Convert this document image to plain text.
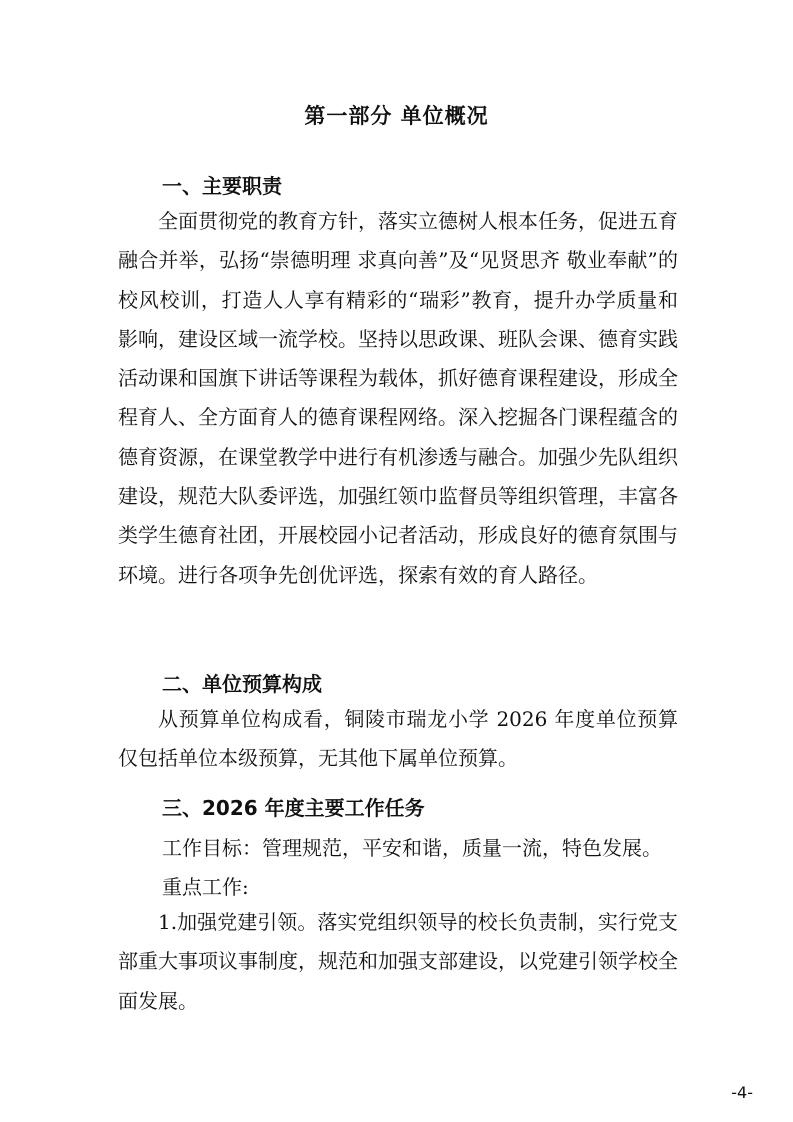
第一部分 单位概况
一、主要职责

全面贯彻党的教育方针，落实立德树人根本任务，促进五育融合并举，弘扬“崇德明理 求真向善”及“见贤思齐 敬业奉献”的校风校训，打造人人享有精彩的“瑞彩”教育，提升办学质量和影响，建设区域一流学校。坚持以思政课、班队会课、德育实践活动课和国旗下讲话等课程为载体，抓好德育课程建设，形成全程育人、全方面育人的德育课程网络。深入挖掘各门课程蕴含的德育资源，在课堂教学中进行有机渗透与融合。加强少先队组织建设，规范大队委评选，加强红领巾监督员等组织管理，丰富各类学生德育社团，开展校园小记者活动，形成良好的德育氛围与环境。进行各项争先创优评选，探索有效的育人路径。

二、单位预算构成

从预算单位构成看，铜陵市瑞龙小学 2026 年度单位预算仅包括单位本级预算，无其他下属单位预算。

三、2026 年度主要工作任务

工作目标：管理规范，平安和谐，质量一流，特色发展。

重点工作:

1.加强党建引领。落实党组织领导的校长负责制，实行党支部重大事项议事制度，规范和加强支部建设，以党建引领学校全面发展。

-4-
